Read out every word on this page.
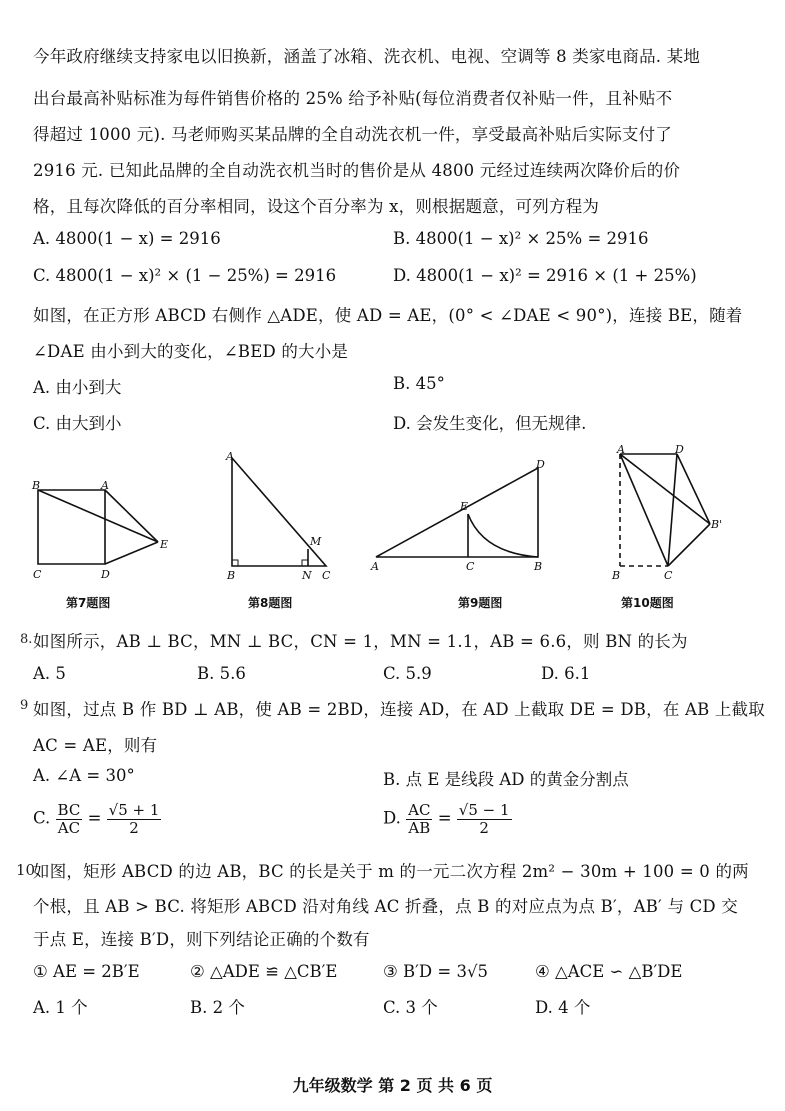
今年政府继续支持家电以旧换新，涵盖了冰箱、洗衣机、电视、空调等 8 类家电商品. 某地
出台最高补贴标准为每件销售价格的 25% 给予补贴(每位消费者仅补贴一件，且补贴不
得超过 1000 元). 马老师购买某品牌的全自动洗衣机一件，享受最高补贴后实际支付了
2916 元. 已知此品牌的全自动洗衣机当时的售价是从 4800 元经过连续两次降价后的价
格，且每次降低的百分率相同，设这个百分率为 x，则根据题意，可列方程为
A. 4800(1 − x) = 2916	B. 4800(1 − x)² × 25% = 2916
C. 4800(1 − x)² × (1 − 25%) = 2916	D. 4800(1 − x)² = 2916 × (1 + 25%)
如图，在正方形 ABCD 右侧作 △ADE，使 AD = AE，(0° < ∠DAE < 90°)，连接 BE，随着
∠DAE 由小到大的变化，∠BED 的大小是
A. 由小到大	B. 45°
C. 由大到小	D. 会发生变化，但无规律.
B	A
E
C	D
第7题图
A
M
B	N C
第8题图
D
E
A	C	B
第9题图
A	D
B'
B	C
第10题图
8. 如图所示，AB ⊥ BC，MN ⊥ BC，CN = 1，MN = 1.1，AB = 6.6，则 BN 的长为
A. 5	B. 5.6	C. 5.9	D. 6.1
9 如图，过点 B 作 BD ⊥ AB，使 AB = 2BD，连接 AD，在 AD 上截取 DE = DB，在 AB 上截取
AC = AE，则有
A. ∠A = 30°	B. 点 E 是线段 AD 的黄金分割点
C. $\frac{BC}{AC} = \frac{√5 + 1}{2}$	D. $\frac{AC}{AB} = \frac{√5 - 1}{2}$
10.
如图，矩形 ABCD 的边 AB，BC 的长是关于 m 的一元二次方程 2m² − 30m + 100 = 0 的两
个根，且 AB > BC. 将矩形 ABCD 沿对角线 AC 折叠，点 B 的对应点为点 B′，AB′ 与 CD 交
于点 E，连接 B′D，则下列结论正确的个数有
① AE = 2B′E	② △ADE ≌ △CB′E	③ B′D = 3√5	④ △ACE ∽ △B′DE
A. 1 个	B. 2 个	C. 3 个	D. 4 个
九年级数学 第 2 页 共 6 页
